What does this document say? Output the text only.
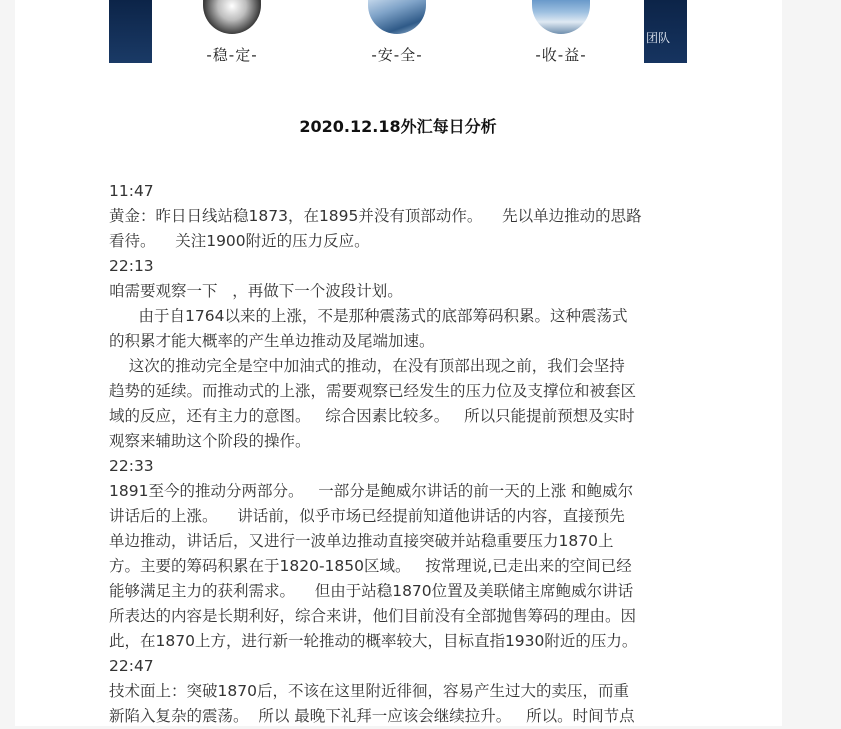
-稳-定-	-安-全-	-收-益-
团队
2020.12.18外汇每日分析
11:47
黄金：昨日日线站稳1873，在1895并没有顶部动作。    先以单边推动的思路
看待。    关注1900附近的压力反应。
22:13
咱需要观察一下   ，再做下一个波段计划。
由于自1764以来的上涨，不是那种震荡式的底部筹码积累。这种震荡式
的积累才能大概率的产生单边推动及尾端加速。
这次的推动完全是空中加油式的推动，在没有顶部出现之前，我们会坚持
趋势的延续。而推动式的上涨，需要观察已经发生的压力位及支撑位和被套区
域的反应，还有主力的意图。   综合因素比较多。   所以只能提前预想及实时
观察来辅助这个阶段的操作。
22:33
1891至今的推动分两部分。   一部分是鲍威尔讲话的前一天的上涨 和鲍威尔
讲话后的上涨。    讲话前，似乎市场已经提前知道他讲话的内容，直接预先
单边推动，讲话后，又进行一波单边推动直接突破并站稳重要压力1870上
方。主要的筹码积累在于1820-1850区域。   按常理说,已走出来的空间已经
能够满足主力的获利需求。    但由于站稳1870位置及美联储主席鲍威尔讲话
所表达的内容是长期利好，综合来讲，他们目前没有全部抛售筹码的理由。因
此，在1870上方，进行新一轮推动的概率较大，目标直指1930附近的压力。
22:47
技术面上：突破1870后，不该在这里附近徘徊，容易产生过大的卖压，而重
新陷入复杂的震荡。  所以 最晚下礼拜一应该会继续拉升。   所以。时间节点
